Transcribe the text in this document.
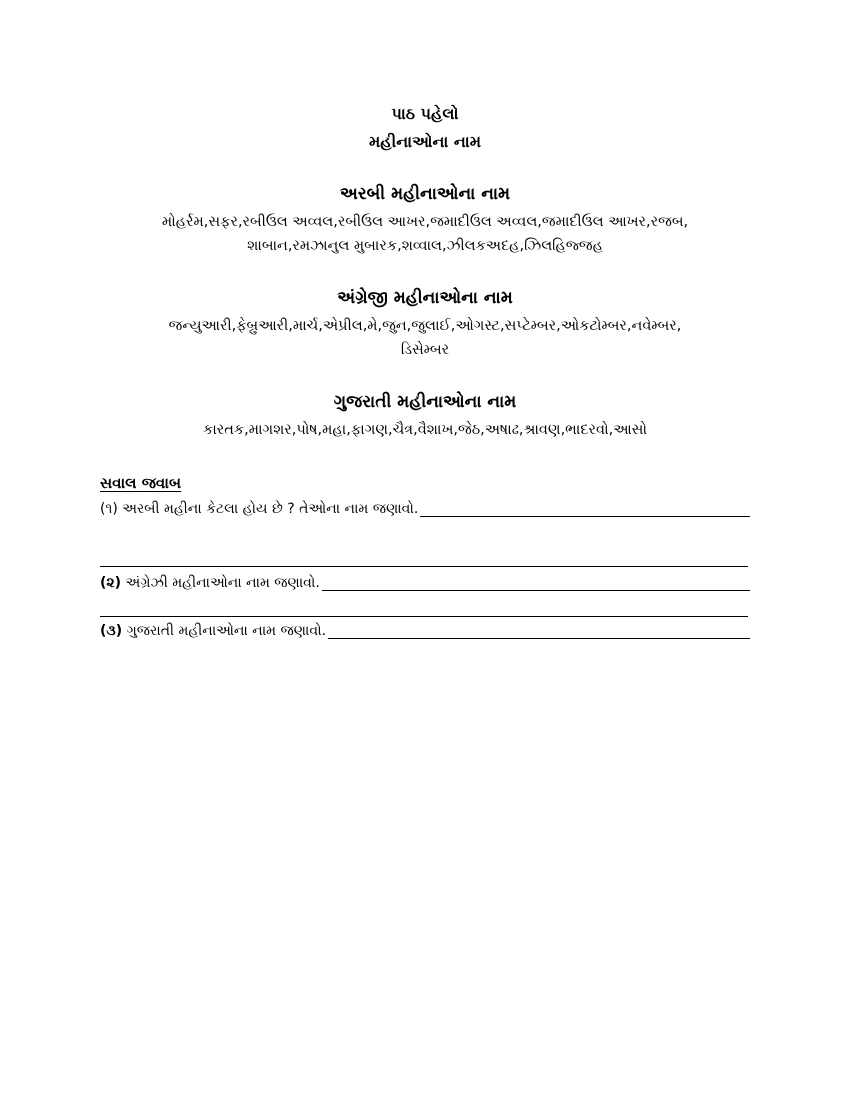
પાઠ પહેલો
મહીનાઓના નામ
અરબી મહીનાઓના નામ
મોહર્રમ,સફર,રબીઉલ અવ્વલ,રબીઉલ આખર,જમાદીઉલ અવ્વલ,જમાદીઉલ આખર,રજબ,
શાબાન,રમઝાનુલ મુબારક,શવ્વાલ,ઝીલકઅદહ,ઝિલહિજ્જહ
અંગ્રેજી મહીનાઓના નામ
જન્યુઆરી,ફેબ્રુઆરી,માર્ચ,એપ્રીલ,મે,જુન,જુલાઈ,ઓગસ્ટ,સપ્ટેમ્બર,ઓકટોમ્બર,નવેમ્બર,
ડિસેમ્બર
ગુજરાતી મહીનાઓના નામ
કારતક,માગશર,પોષ,મહા,ફાગણ,ચૈત્ર,વૈશાખ,જેઠ,અષાઢ,શ્રાવણ,ભાદરવો,આસો
સવાલ જવાબ
(૧) અરબી મહીના કેટલા હોય છે ? તેઓના નામ જણાવો.
(૨) અંગ્રેઝી મહીનાઓના નામ જણાવો.
(૩) ગુજરાતી મહીનાઓના નામ જણાવો.
